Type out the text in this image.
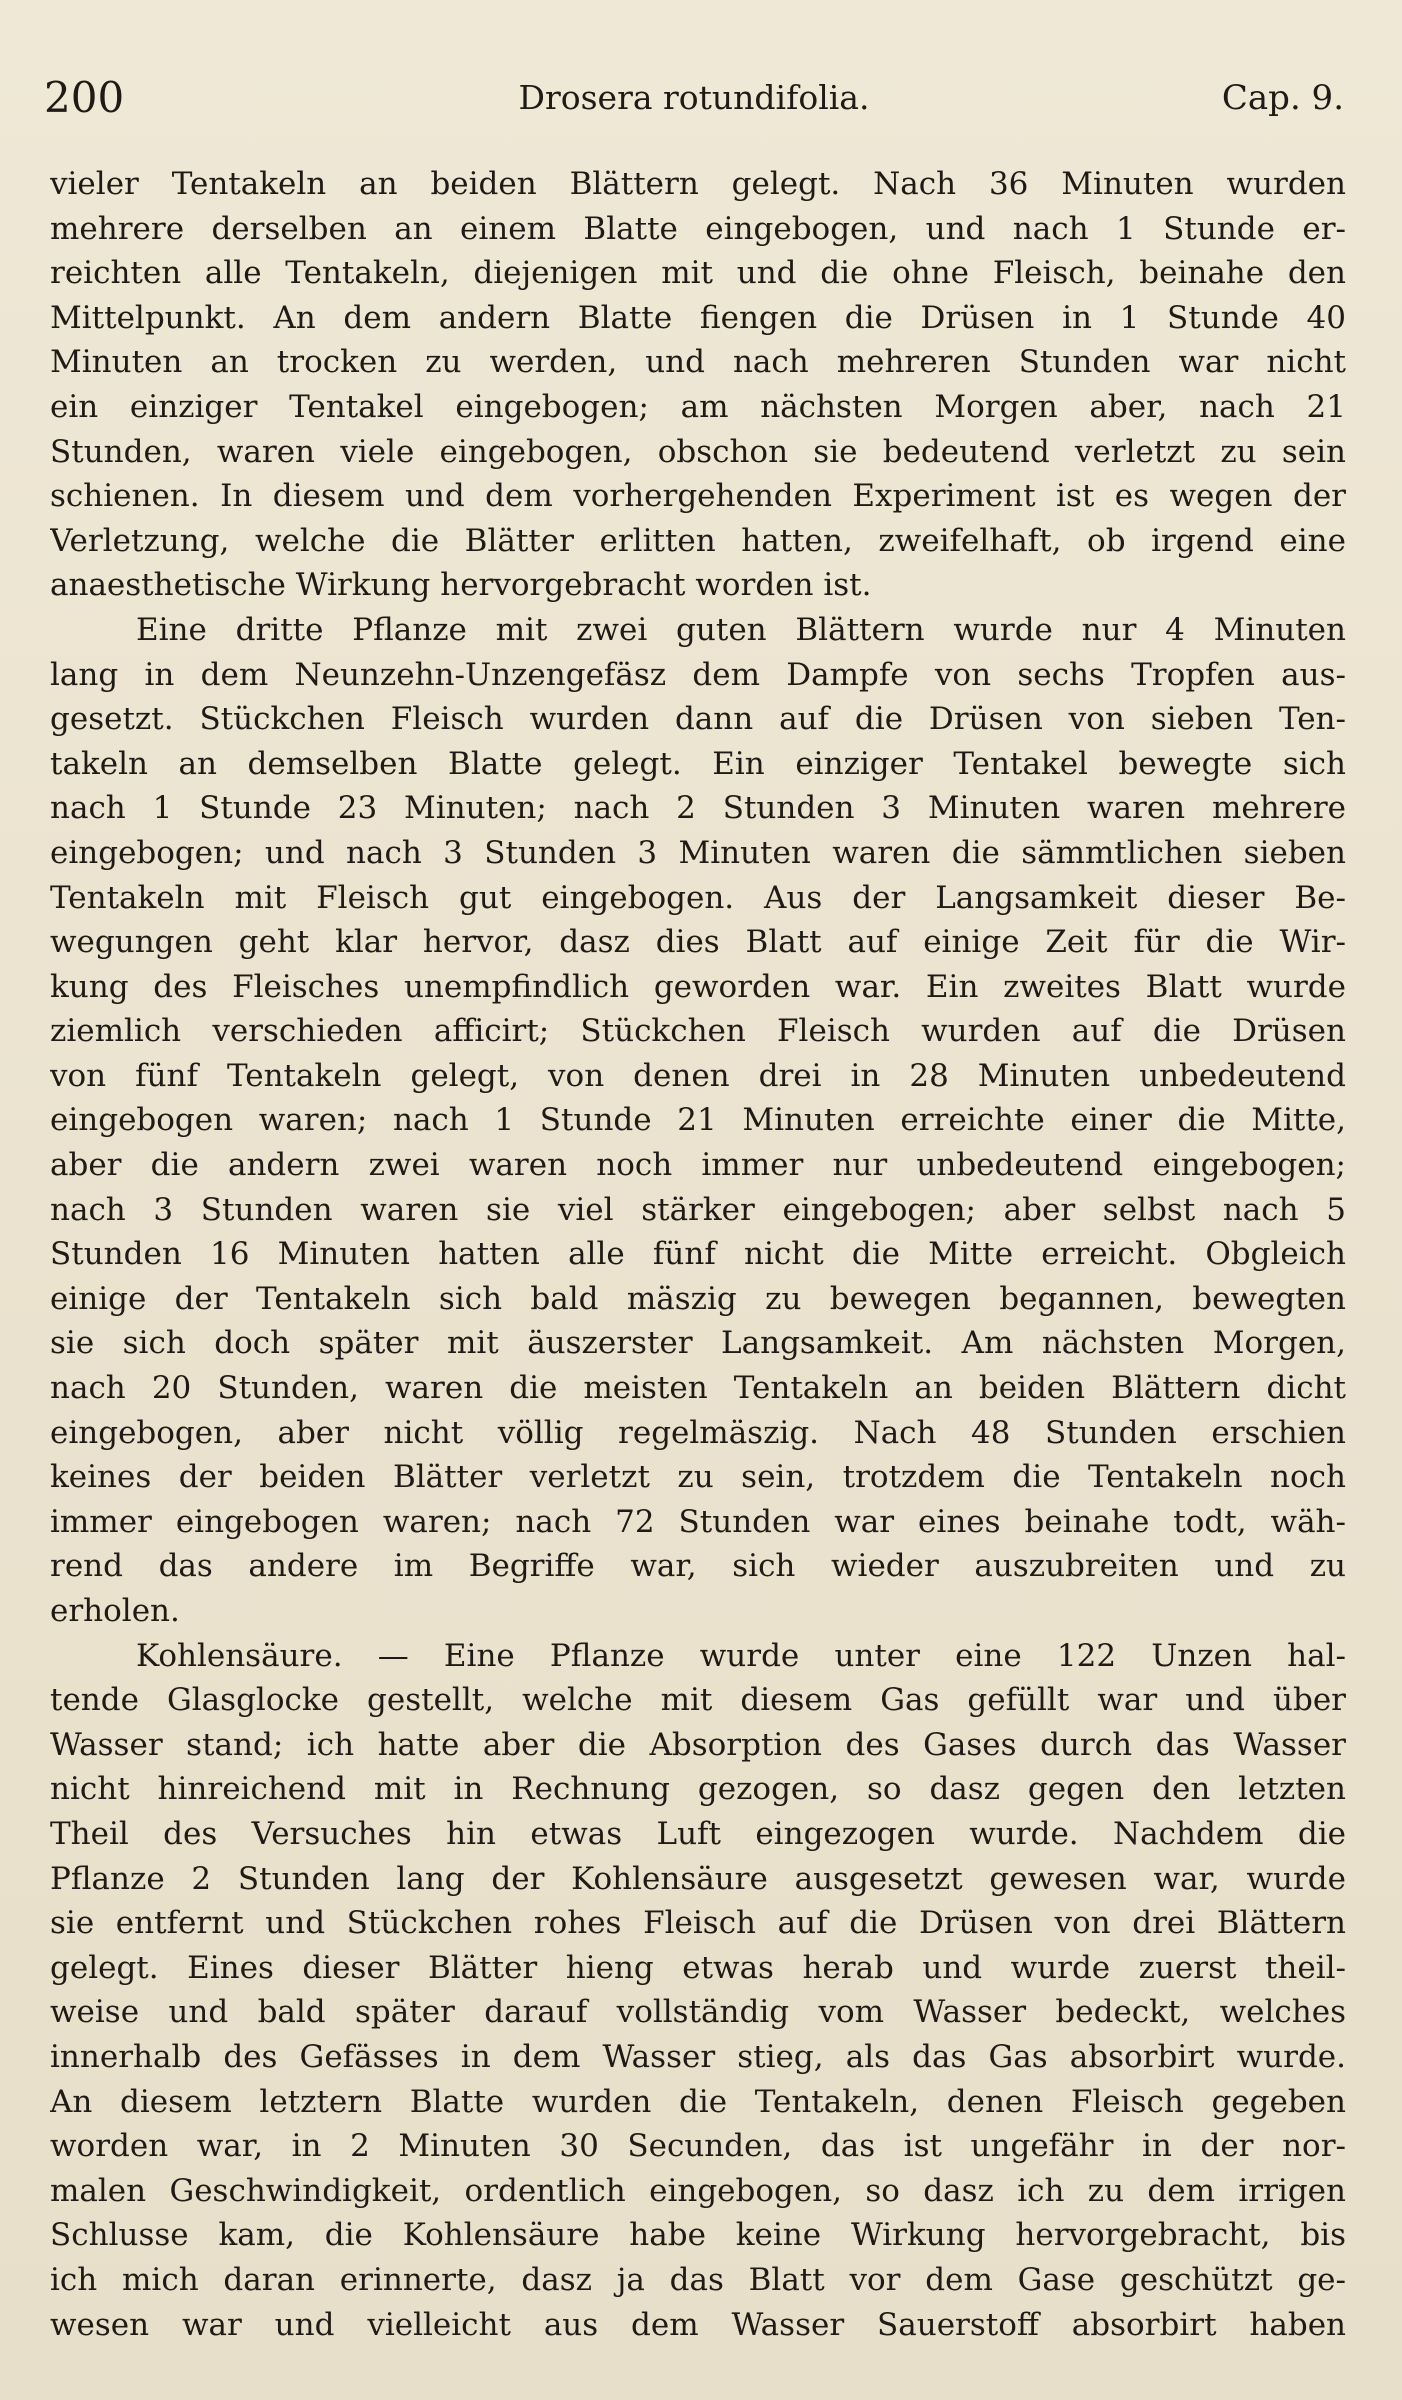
200	Drosera rotundifolia.	Cap. 9.
vieler Tentakeln an beiden Blättern gelegt. Nach 36 Minuten wurden
mehrere derselben an einem Blatte eingebogen, und nach 1 Stunde er-
reichten alle Tentakeln, diejenigen mit und die ohne Fleisch, beinahe den
Mittelpunkt. An dem andern Blatte fiengen die Drüsen in 1 Stunde 40
Minuten an trocken zu werden, und nach mehreren Stunden war nicht
ein einziger Tentakel eingebogen; am nächsten Morgen aber, nach 21
Stunden, waren viele eingebogen, obschon sie bedeutend verletzt zu sein
schienen. In diesem und dem vorhergehenden Experiment ist es wegen der
Verletzung, welche die Blätter erlitten hatten, zweifelhaft, ob irgend eine
anaesthetische Wirkung hervorgebracht worden ist.
Eine dritte Pflanze mit zwei guten Blättern wurde nur 4 Minuten
lang in dem Neunzehn-Unzengefäsz dem Dampfe von sechs Tropfen aus-
gesetzt. Stückchen Fleisch wurden dann auf die Drüsen von sieben Ten-
takeln an demselben Blatte gelegt. Ein einziger Tentakel bewegte sich
nach 1 Stunde 23 Minuten; nach 2 Stunden 3 Minuten waren mehrere
eingebogen; und nach 3 Stunden 3 Minuten waren die sämmtlichen sieben
Tentakeln mit Fleisch gut eingebogen. Aus der Langsamkeit dieser Be-
wegungen geht klar hervor, dasz dies Blatt auf einige Zeit für die Wir-
kung des Fleisches unempfindlich geworden war. Ein zweites Blatt wurde
ziemlich verschieden afficirt; Stückchen Fleisch wurden auf die Drüsen
von fünf Tentakeln gelegt, von denen drei in 28 Minuten unbedeutend
eingebogen waren; nach 1 Stunde 21 Minuten erreichte einer die Mitte,
aber die andern zwei waren noch immer nur unbedeutend eingebogen;
nach 3 Stunden waren sie viel stärker eingebogen; aber selbst nach 5
Stunden 16 Minuten hatten alle fünf nicht die Mitte erreicht. Obgleich
einige der Tentakeln sich bald mäszig zu bewegen begannen, bewegten
sie sich doch später mit äuszerster Langsamkeit. Am nächsten Morgen,
nach 20 Stunden, waren die meisten Tentakeln an beiden Blättern dicht
eingebogen, aber nicht völlig regelmäszig. Nach 48 Stunden erschien
keines der beiden Blätter verletzt zu sein, trotzdem die Tentakeln noch
immer eingebogen waren; nach 72 Stunden war eines beinahe todt, wäh-
rend das andere im Begriffe war, sich wieder auszubreiten und zu
erholen.
Kohlensäure. — Eine Pflanze wurde unter eine 122 Unzen hal-
tende Glasglocke gestellt, welche mit diesem Gas gefüllt war und über
Wasser stand; ich hatte aber die Absorption des Gases durch das Wasser
nicht hinreichend mit in Rechnung gezogen, so dasz gegen den letzten
Theil des Versuches hin etwas Luft eingezogen wurde. Nachdem die
Pflanze 2 Stunden lang der Kohlensäure ausgesetzt gewesen war, wurde
sie entfernt und Stückchen rohes Fleisch auf die Drüsen von drei Blättern
gelegt. Eines dieser Blätter hieng etwas herab und wurde zuerst theil-
weise und bald später darauf vollständig vom Wasser bedeckt, welches
innerhalb des Gefässes in dem Wasser stieg, als das Gas absorbirt wurde.
An diesem letztern Blatte wurden die Tentakeln, denen Fleisch gegeben
worden war, in 2 Minuten 30 Secunden, das ist ungefähr in der nor-
malen Geschwindigkeit, ordentlich eingebogen, so dasz ich zu dem irrigen
Schlusse kam, die Kohlensäure habe keine Wirkung hervorgebracht, bis
ich mich daran erinnerte, dasz ja das Blatt vor dem Gase geschützt ge-
wesen war und vielleicht aus dem Wasser Sauerstoff absorbirt haben
